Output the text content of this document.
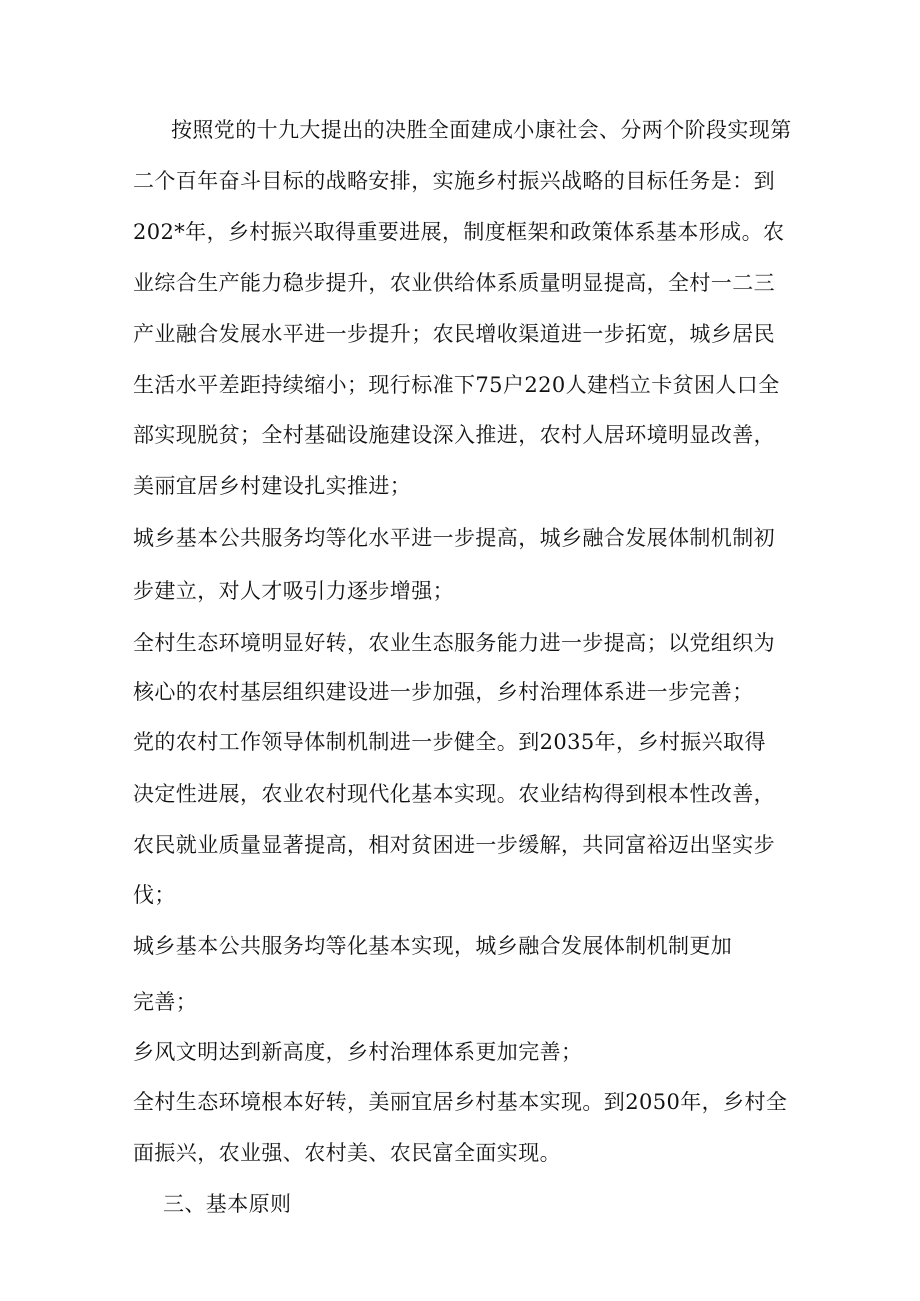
按照党的十九大提出的决胜全面建成小康社会、分两个阶段实现第
二个百年奋斗目标的战略安排，实施乡村振兴战略的目标任务是：到
202*年，乡村振兴取得重要进展，制度框架和政策体系基本形成。农
业综合生产能力稳步提升，农业供给体系质量明显提高，全村一二三
产业融合发展水平进一步提升；农民增收渠道进一步拓宽，城乡居民
生活水平差距持续缩小；现行标准下75户220人建档立卡贫困人口全
部实现脱贫；全村基础设施建设深入推进，农村人居环境明显改善，
美丽宜居乡村建设扎实推进；
城乡基本公共服务均等化水平进一步提高，城乡融合发展体制机制初
步建立，对人才吸引力逐步增强；
全村生态环境明显好转，农业生态服务能力进一步提高；以党组织为
核心的农村基层组织建设进一步加强，乡村治理体系进一步完善；
党的农村工作领导体制机制进一步健全。到2035年，乡村振兴取得
决定性进展，农业农村现代化基本实现。农业结构得到根本性改善，
农民就业质量显著提高，相对贫困进一步缓解，共同富裕迈出坚实步
伐；
城乡基本公共服务均等化基本实现，城乡融合发展体制机制更加
完善；
乡风文明达到新高度，乡村治理体系更加完善；
全村生态环境根本好转，美丽宜居乡村基本实现。到2050年，乡村全
面振兴，农业强、农村美、农民富全面实现。
三、基本原则
